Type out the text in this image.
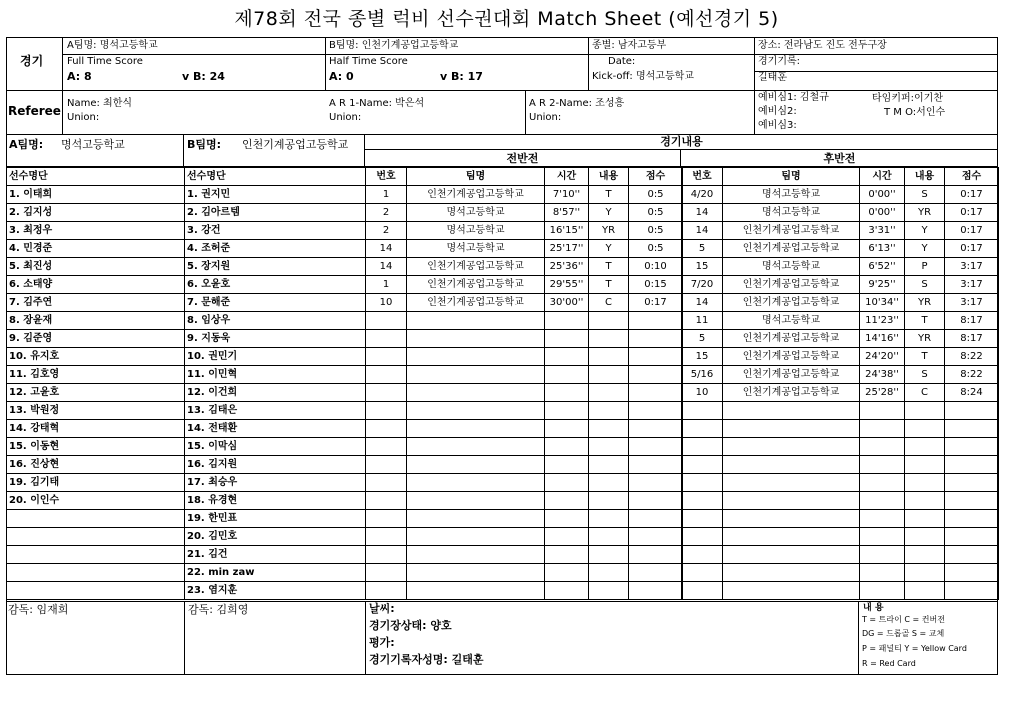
제78회 전국 종별 럭비 선수권대회 Match Sheet (예선경기 5)
경기
A팀명: 명석고등학교	B팀명: 인천기계공업고등학교	종별: 남자고등부	장소: 전라남도 진도 전두구장
Full Time Score
A: 8	v B: 24
Half Time Score
A: 0	v B: 17
Date:
Kick-off: 명석고등학교
경기기록:
길태훈
Referee
Name: 최한식
Union:
A R 1-Name: 박은석
Union:
A R 2-Name: 조성흥
Union:
예비심1: 김철규
예비심2:
예비심3:
타임키퍼:이기찬
T M O:서인수
A팀명: 명석고등학교	B팀명: 인천기계공업고등학교
선수명단	선수명단
1. 이태희	1. 권지민
2. 김지성	2. 김아르템
3. 최정우	3. 강건
4. 민경준	4. 조허준
5. 최진성	5. 장지원
6. 소태양	6. 오윤호
7. 김주연	7. 문해준
8. 장윤재	8. 임상우
9. 김준영	9. 지동욱
10. 유지호	10. 권민기
11. 김호영	11. 이민혁
12. 고윤호	12. 이건희
13. 박원정	13. 김태은
14. 강태혁	14. 전태환
15. 이동현	15. 이막심
16. 진상현	16. 김지원
19. 김기태	17. 최승우
20. 이인수	18. 유경현
	19. 한민표
	20. 김민호
	21. 김건
	22. min zaw
	23. 염지훈
경기내용
전반전	후반전
번호	팀명	시간	내용	점수
1	인천기계공업고등학교	7'10''	T	0:5
2	명석고등학교	8'57''	Y	0:5
2	명석고등학교	16'15''	YR	0:5
14	명석고등학교	25'17''	Y	0:5
14	인천기계공업고등학교	25'36''	T	0:10
1	인천기계공업고등학교	29'55''	T	0:15
10	인천기계공업고등학교	30'00''	C	0:17

번호	팀명	시간	내용	점수
4/20	명석고등학교	0'00''	S	0:17
14	명석고등학교	0'00''	YR	0:17
14	인천기계공업고등학교	3'31''	Y	0:17
5	인천기계공업고등학교	6'13''	Y	0:17
15	명석고등학교	6'52''	P	3:17
7/20	인천기계공업고등학교	9'25''	S	3:17
14	인천기계공업고등학교	10'34''	YR	3:17
11	명석고등학교	11'23''	T	8:17
5	인천기계공업고등학교	14'16''	YR	8:17
15	인천기계공업고등학교	24'20''	T	8:22
5/16	인천기계공업고등학교	24'38''	S	8:22
10	인천기계공업고등학교	25'28''	C	8:24

감독: 임재희	감독: 김희영	날씨:
경기장상태: 양호
평가:
경기기록자성명: 길태훈
내 용
T = 트라이 C = 컨버젼
DG = 드롭골 S = 교체
P = 패널티 Y = Yellow Card
R = Red Card
